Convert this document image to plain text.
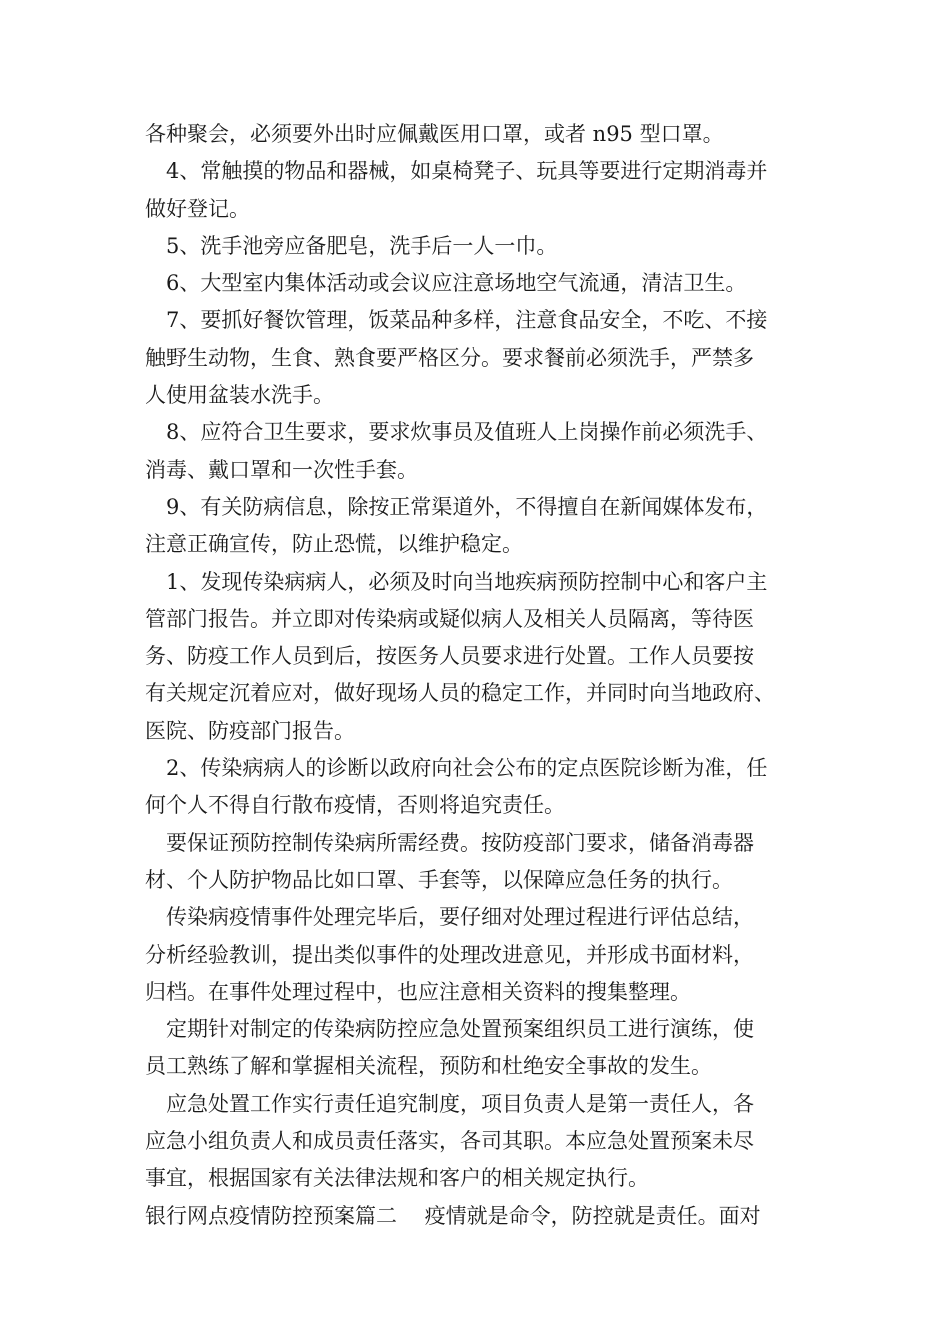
各种聚会，必须要外出时应佩戴医用口罩，或者 n95 型口罩。
4、常触摸的物品和器械，如桌椅凳子、玩具等要进行定期消毒并
做好登记。
5、洗手池旁应备肥皂，洗手后一人一巾。
6、大型室内集体活动或会议应注意场地空气流通，清洁卫生。
7、要抓好餐饮管理，饭菜品种多样，注意食品安全，不吃、不接
触野生动物，生食、熟食要严格区分。要求餐前必须洗手，严禁多
人使用盆装水洗手。
8、应符合卫生要求，要求炊事员及值班人上岗操作前必须洗手、
消毒、戴口罩和一次性手套。
9、有关防病信息，除按正常渠道外，不得擅自在新闻媒体发布，
注意正确宣传，防止恐慌，以维护稳定。
1、发现传染病病人，必须及时向当地疾病预防控制中心和客户主
管部门报告。并立即对传染病或疑似病人及相关人员隔离，等待医
务、防疫工作人员到后，按医务人员要求进行处置。工作人员要按
有关规定沉着应对，做好现场人员的稳定工作，并同时向当地政府、
医院、防疫部门报告。
2、传染病病人的诊断以政府向社会公布的定点医院诊断为准，任
何个人不得自行散布疫情，否则将追究责任。
要保证预防控制传染病所需经费。按防疫部门要求，储备消毒器
材、个人防护物品比如口罩、手套等，以保障应急任务的执行。
传染病疫情事件处理完毕后，要仔细对处理过程进行评估总结，
分析经验教训，提出类似事件的处理改进意见，并形成书面材料，
归档。在事件处理过程中，也应注意相关资料的搜集整理。
定期针对制定的传染病防控应急处置预案组织员工进行演练，使
员工熟练了解和掌握相关流程，预防和杜绝安全事故的发生。
应急处置工作实行责任追究制度，项目负责人是第一责任人，各
应急小组负责人和成员责任落实，各司其职。本应急处置预案未尽
事宜，根据国家有关法律法规和客户的相关规定执行。
银行网点疫情防控预案篇二　 疫情就是命令，防控就是责任。面对
